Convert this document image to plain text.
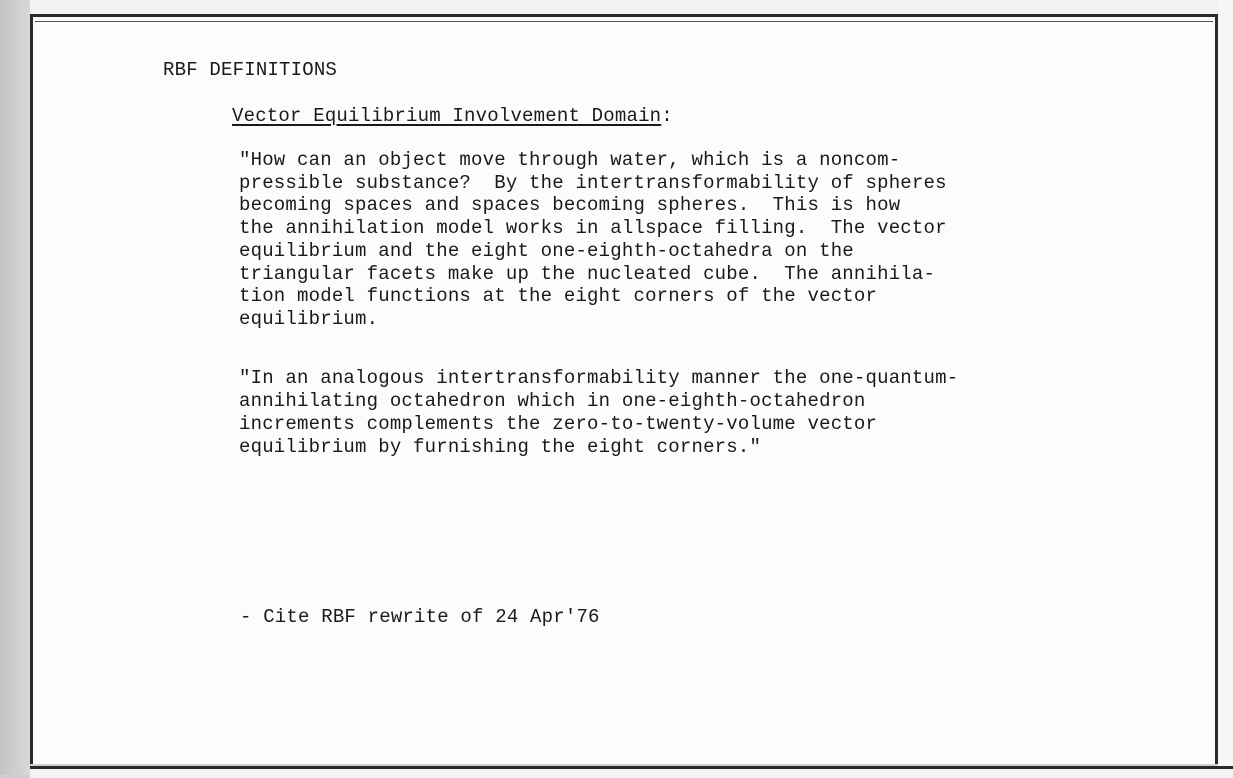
RBF DEFINITIONS
Vector Equilibrium Involvement Domain:
"How can an object move through water, which is a noncom-
pressible substance?  By the intertransformability of spheres
becoming spaces and spaces becoming spheres.  This is how
the annihilation model works in allspace filling.  The vector
equilibrium and the eight one-eighth-octahedra on the
triangular facets make up the nucleated cube.  The annihila-
tion model functions at the eight corners of the vector
equilibrium.
"In an analogous intertransformability manner the one-quantum-
annihilating octahedron which in one-eighth-octahedron
increments complements the zero-to-twenty-volume vector
equilibrium by furnishing the eight corners."
- Cite RBF rewrite of 24 Apr'76
